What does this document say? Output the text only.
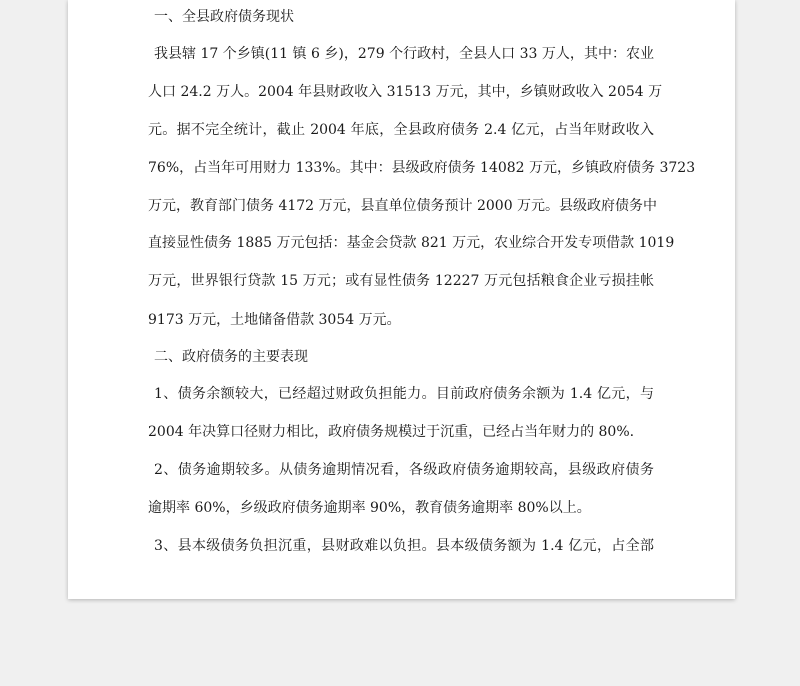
一、全县政府债务现状
我县辖 17 个乡镇(11 镇 6 乡)，279 个行政村，全县人口 33 万人，其中：农业
人口 24.2 万人。2004 年县财政收入 31513 万元，其中，乡镇财政收入 2054 万
元。据不完全统计，截止 2004 年底，全县政府债务 2.4 亿元，占当年财政收入
76%，占当年可用财力 133%。其中：县级政府债务 14082 万元，乡镇政府债务 3723
万元，教育部门债务 4172 万元，县直单位债务预计 2000 万元。县级政府债务中
直接显性债务 1885 万元包括：基金会贷款 821 万元，农业综合开发专项借款 1019
万元，世界银行贷款 15 万元；或有显性债务 12227 万元包括粮食企业亏损挂帐
9173 万元，土地储备借款 3054 万元。
二、政府债务的主要表现
1、债务余额较大，已经超过财政负担能力。目前政府债务余额为 1.4 亿元，与
2004 年决算口径财力相比，政府债务规模过于沉重，已经占当年财力的 80%.
2、债务逾期较多。从债务逾期情况看，各级政府债务逾期较高，县级政府债务
逾期率 60%，乡级政府债务逾期率 90%，教育债务逾期率 80%以上。
3、县本级债务负担沉重，县财政难以负担。县本级债务额为 1.4 亿元，占全部
